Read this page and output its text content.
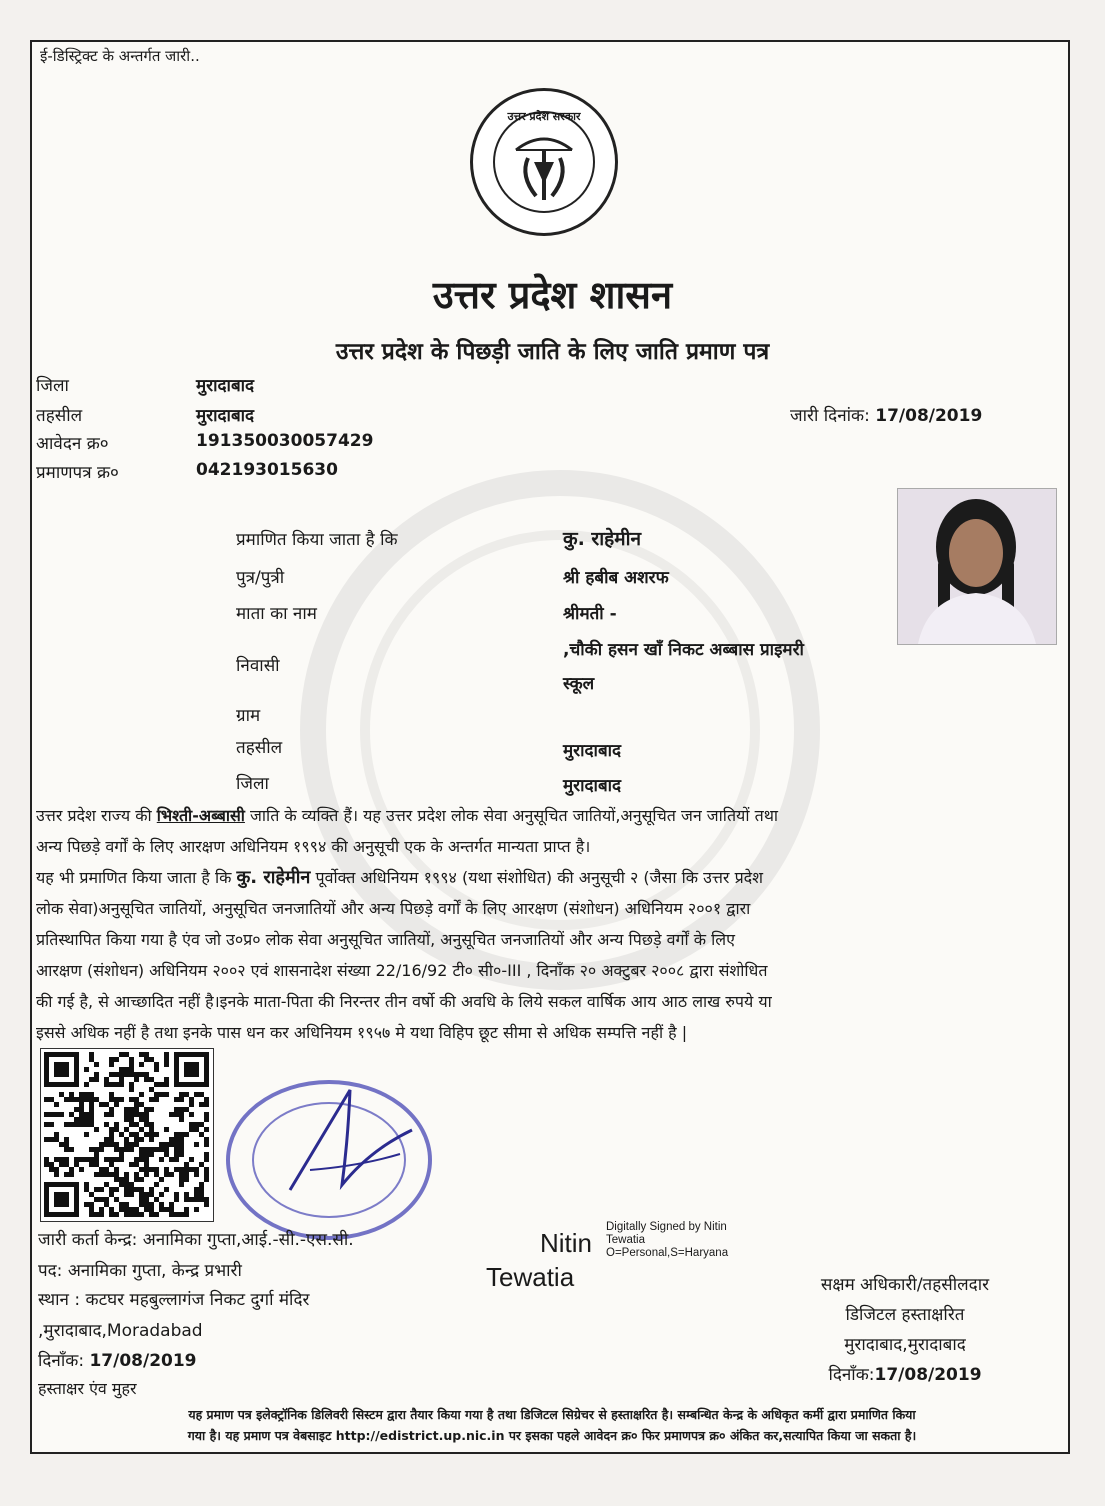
ई-डिस्ट्रिक्ट के अन्तर्गत जारी..
उत्तर प्रदेश सरकार
उत्तर प्रदेश शासन
उत्तर प्रदेश के पिछड़ी जाति के लिए जाति प्रमाण पत्र
जिला	मुरादाबाद
तहसील	मुरादाबाद
आवेदन क्र०	191350030057429
प्रमाणपत्र क्र०	042193015630
जारी दिनांक: 17/08/2019
प्रमाणित किया जाता है कि	कु. राहेमीन
पुत्र/पुत्री	श्री हबीब अशरफ
माता का नाम	श्रीमती -
निवासी
,चौकी हसन खाँ निकट अब्बास प्राइमरी
स्कूल
ग्राम
तहसील	मुरादाबाद
जिला	मुरादाबाद
उत्तर प्रदेश राज्य की भिश्ती-अब्बासी जाति के व्यक्ति हैं। यह उत्तर प्रदेश लोक सेवा अनुसूचित जातियों,अनुसूचित जन जातियों तथा
अन्य पिछड़े वर्गों के लिए आरक्षण अधिनियम १९९४ की अनुसूची एक के अन्तर्गत मान्यता प्राप्त है।
यह भी प्रमाणित किया जाता है कि कु. राहेमीन पूर्वोक्त अधिनियम १९९४ (यथा संशोधित) की अनुसूची २ (जैसा कि उत्तर प्रदेश
लोक सेवा)अनुसूचित जातियों, अनुसूचित जनजातियों और अन्य पिछड़े वर्गों के लिए आरक्षण (संशोधन) अधिनियम २००१ द्वारा
प्रतिस्थापित किया गया है एंव जो उ०प्र० लोक सेवा अनुसूचित जातियों, अनुसूचित जनजातियों और अन्य पिछड़े वर्गों के लिए
आरक्षण (संशोधन) अधिनियम २००२ एवं शासनादेश संख्या 22/16/92 टी० सी०-III , दिनाँक २० अक्टुबर २००८ द्वारा संशोधित
की गई है, से आच्छादित नहीं है।इनके माता-पिता की निरन्तर तीन वर्षो की अवधि के लिये सकल वार्षिक आय आठ लाख रुपये या
इससे अधिक नहीं है तथा इनके पास धन कर अधिनियम १९५७ मे यथा विहिप छूट सीमा से अधिक सम्पत्ति नहीं है |
जारी कर्ता केन्द्र: अनामिका गुप्ता,आई.-सी.-एस.सी.
पद: अनामिका गुप्ता, केन्द्र प्रभारी
स्थान : कटघर महबुल्लागंज निकट दुर्गा मंदिर
,मुरादाबाद,Moradabad
दिनाँक: 17/08/2019
हस्ताक्षर एंव मुहर
Nitin
Tewatia
Digitally Signed by Nitin
Tewatia
O=Personal,S=Haryana
सक्षम अधिकारी/तहसीलदार
डिजिटल हस्ताक्षरित
मुरादाबाद,मुरादाबाद
दिनाँक:17/08/2019
यह प्रमाण पत्र इलेक्ट्रॉनिक डिलिवरी सिस्टम द्वारा तैयार किया गया है तथा डिजिटल सिग्रेचर से हस्ताक्षरित है। सम्बन्धित केन्द्र के अधिकृत कर्मी द्वारा प्रमाणित किया
गया है। यह प्रमाण पत्र वेबसाइट http://edistrict.up.nic.in पर इसका पहले आवेदन क्र० फिर प्रमाणपत्र क्र० अंकित कर,सत्यापित किया जा सकता है।
